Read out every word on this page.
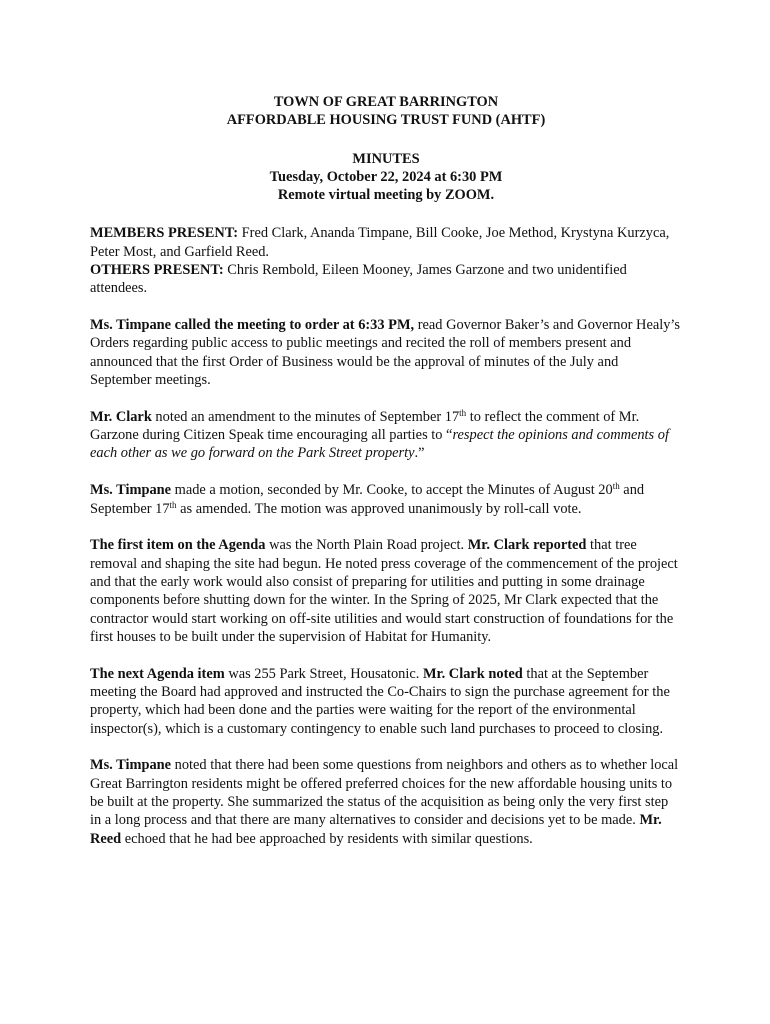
TOWN OF GREAT BARRINGTON
AFFORDABLE HOUSING TRUST FUND (AHTF)
MINUTES
Tuesday, October 22, 2024 at 6:30 PM
Remote virtual meeting by ZOOM.

MEMBERS PRESENT: Fred Clark, Ananda Timpane, Bill Cooke, Joe Method, Krystyna Kurzyca, Peter Most, and Garfield Reed.

OTHERS PRESENT: Chris Rembold, Eileen Mooney, James Garzone and two unidentified attendees.

Ms. Timpane called the meeting to order at 6:33 PM, read Governor Baker’s and Governor Healy’s Orders regarding public access to public meetings and recited the roll of members present and announced that the first Order of Business would be the approval of minutes of the July and September meetings.

Mr. Clark noted an amendment to the minutes of September 17th to reflect the comment of Mr. Garzone during Citizen Speak time encouraging all parties to “respect the opinions and comments of each other as we go forward on the Park Street property.”

Ms. Timpane made a motion, seconded by Mr. Cooke, to accept the Minutes of August 20th and September 17th as amended. The motion was approved unanimously by roll-call vote.

The first item on the Agenda was the North Plain Road project. Mr. Clark reported that tree removal and shaping the site had begun. He noted press coverage of the commencement of the project and that the early work would also consist of preparing for utilities and putting in some drainage components before shutting down for the winter. In the Spring of 2025, Mr Clark expected that the contractor would start working on off-site utilities and would start construction of foundations for the first houses to be built under the supervision of Habitat for Humanity.

The next Agenda item was 255 Park Street, Housatonic. Mr. Clark noted that at the September meeting the Board had approved and instructed the Co-Chairs to sign the purchase agreement for the property, which had been done and the parties were waiting for the report of the environmental inspector(s), which is a customary contingency to enable such land purchases to proceed to closing.

Ms. Timpane noted that there had been some questions from neighbors and others as to whether local Great Barrington residents might be offered preferred choices for the new affordable housing units to be built at the property. She summarized the status of the acquisition as being only the very first step in a long process and that there are many alternatives to consider and decisions yet to be made. Mr. Reed echoed that he had bee approached by residents with similar questions.
